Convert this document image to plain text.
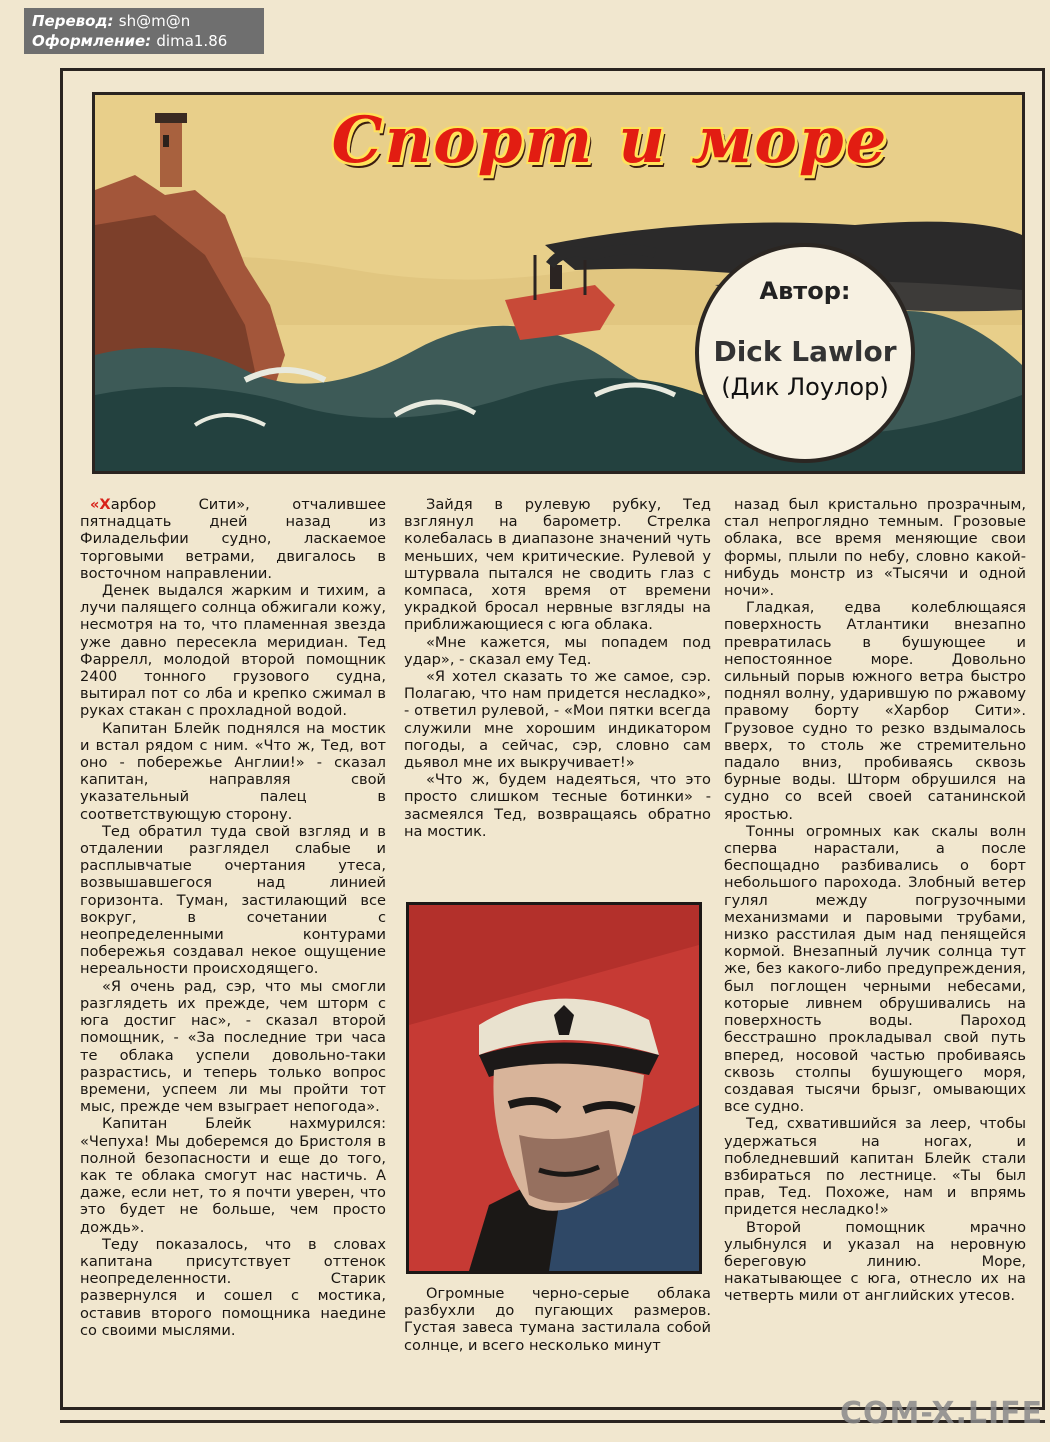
Перевод: sh@m@n
Оформление: dima1.86
Спорт и море
Автор:
Dick Lawlor
(Дик Лоулор)

«Харбор Сити», отчалившее пятнадцать дней назад из Филадельфии судно, ласкаемое торговыми ветрами, двигалось в восточном направлении.

Денек выдался жарким и тихим, а лучи палящего солнца обжигали кожу, несмотря на то, что пламенная звезда уже давно пересекла меридиан. Тед Фаррелл, молодой второй помощник 2400 тонного грузового судна, вытирал пот со лба и крепко сжимал в руках стакан с прохладной водой.

Капитан Блейк поднялся на мостик и встал рядом с ним. «Что ж, Тед, вот оно - побережье Англии!» - сказал капитан, направляя свой указательный палец в соответствующую сторону.

Тед обратил туда свой взгляд и в отдалении разглядел слабые и расплывчатые очертания утеса, возвышавшегося над линией горизонта. Туман, застилающий все вокруг, в сочетании с неопределенными контурами побережья создавал некое ощущение нереальности происходящего.

«Я очень рад, сэр, что мы смогли разглядеть их прежде, чем шторм с юга достиг нас», - сказал второй помощник, - «За последние три часа те облака успели довольно-таки разрастись, и теперь только вопрос времени, успеем ли мы пройти тот мыс, прежде чем взыграет непогода».

Капитан Блейк нахмурился: «Чепуха! Мы доберемся до Бристоля в полной безопасности и еще до того, как те облака смогут нас настичь. А даже, если нет, то я почти уверен, что это будет не больше, чем просто дождь».

Теду показалось, что в словах капитана присутствует оттенок неопределенности. Старик развернулся и сошел с мостика, оставив второго помощника наедине со своими мыслями.

Зайдя в рулевую рубку, Тед взглянул на барометр. Стрелка колебалась в диапазоне значений чуть меньших, чем критические. Рулевой у штурвала пытался не сводить глаз с компаса, хотя время от времени украдкой бросал нервные взгляды на приближающиеся с юга облака.

«Мне кажется, мы попадем под удар», - сказал ему Тед.

«Я хотел сказать то же самое, сэр. Полагаю, что нам придется несладко», - ответил рулевой, - «Мои пятки всегда служили мне хорошим индикатором погоды, а сейчас, сэр, словно сам дьявол мне их выкручивает!»

«Что ж, будем надеяться, что это просто слишком тесные ботинки» - засмеялся Тед, возвращаясь обратно на мостик.

Огромные черно-серые облака разбухли до пугающих размеров. Густая завеса тумана застилала собой солнце, и всего несколько минут

назад был кристально прозрачным, стал непроглядно темным. Грозовые облака, все время меняющие свои формы, плыли по небу, словно какой-нибудь монстр из «Тысячи и одной ночи».

Гладкая, едва колеблющаяся поверхность Атлантики внезапно превратилась в бушующее и непостоянное море. Довольно сильный порыв южного ветра быстро поднял волну, ударившую по ржавому правому борту «Харбор Сити». Грузовое судно то резко вздымалось вверх, то столь же стремительно падало вниз, пробиваясь сквозь бурные воды. Шторм обрушился на судно со всей своей сатанинской яростью.

Тонны огромных как скалы волн сперва нарастали, а после беспощадно разбивались о борт небольшого парохода. Злобный ветер гулял между погрузочными механизмами и паровыми трубами, низко расстилая дым над пенящейся кормой. Внезапный лучик солнца тут же, без какого-либо предупреждения, был поглощен черными небесами, которые ливнем обрушивались на поверхность воды. Пароход бесстрашно прокладывал свой путь вперед, носовой частью пробиваясь сквозь столпы бушующего моря, создавая тысячи брызг, омывающих все судно.

Тед, схватившийся за леер, чтобы удержаться на ногах, и побледневший капитан Блейк стали взбираться по лестнице. «Ты был прав, Тед. Похоже, нам и впрямь придется несладко!»

Второй помощник мрачно улыбнулся и указал на неровную береговую линию. Море, накатывающее с юга, отнесло их на четверть мили от английских утесов.

COM-X.LIFE
